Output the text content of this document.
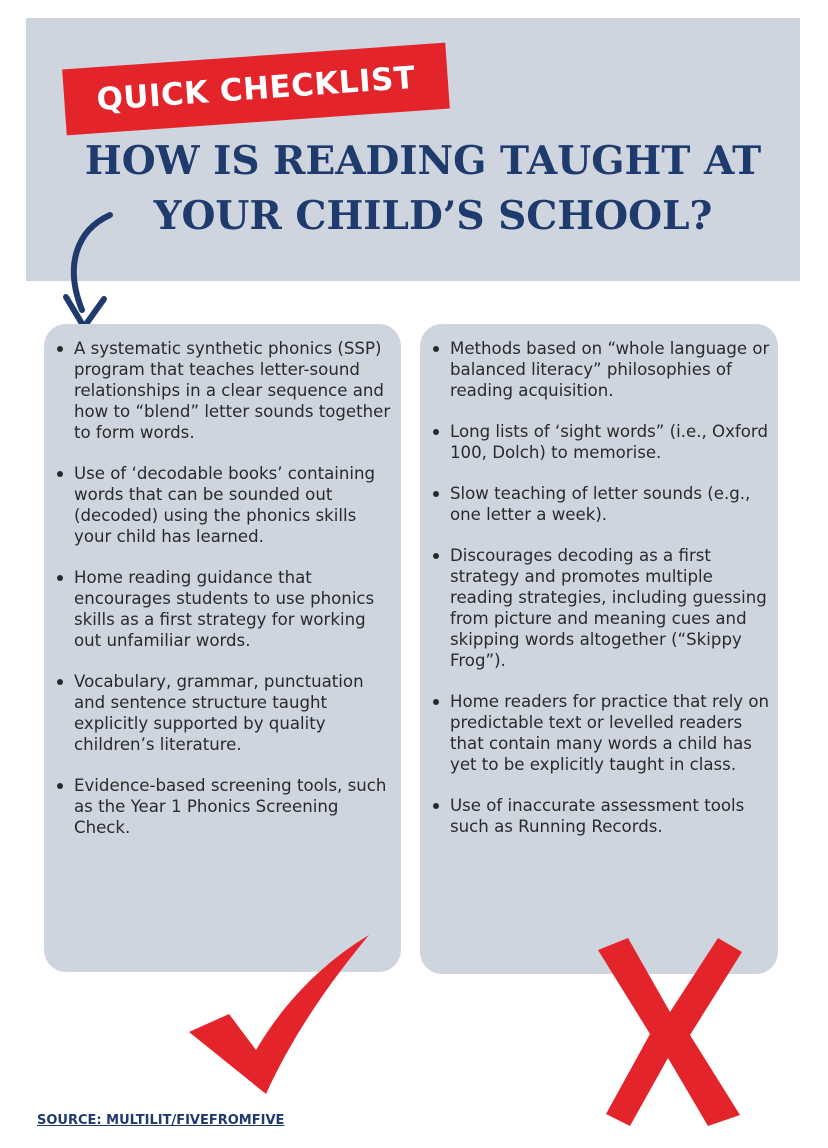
QUICK CHECKLIST
HOW IS READING TAUGHT AT
YOUR CHILD’S SCHOOL?
A systematic synthetic phonics (SSP) program that teaches letter-sound relationships in a clear sequence and how to “blend” letter sounds together to form words.
Use of ‘decodable books’ containing words that can be sounded out (decoded) using the phonics skills your child has learned.
Home reading guidance that encourages students to use phonics skills as a first strategy for working out unfamiliar words.
Vocabulary, grammar, punctuation and sentence structure taught explicitly supported by quality children’s literature.
Evidence-based screening tools, such as the Year 1 Phonics Screening Check.
Methods based on “whole language or balanced literacy” philosophies of reading acquisition.
Long lists of ‘sight words” (i.e., Oxford 100, Dolch) to memorise.
Slow teaching of letter sounds (e.g., one letter a week).
Discourages decoding as a first strategy and promotes multiple reading strategies, including guessing from picture and meaning cues and skipping words altogether (“Skippy Frog”).
Home readers for practice that rely on predictable text or levelled readers that contain many words a child has yet to be explicitly taught in class.
Use of inaccurate assessment tools such as Running Records.
SOURCE: MULTILIT/FIVEFROMFIVE
